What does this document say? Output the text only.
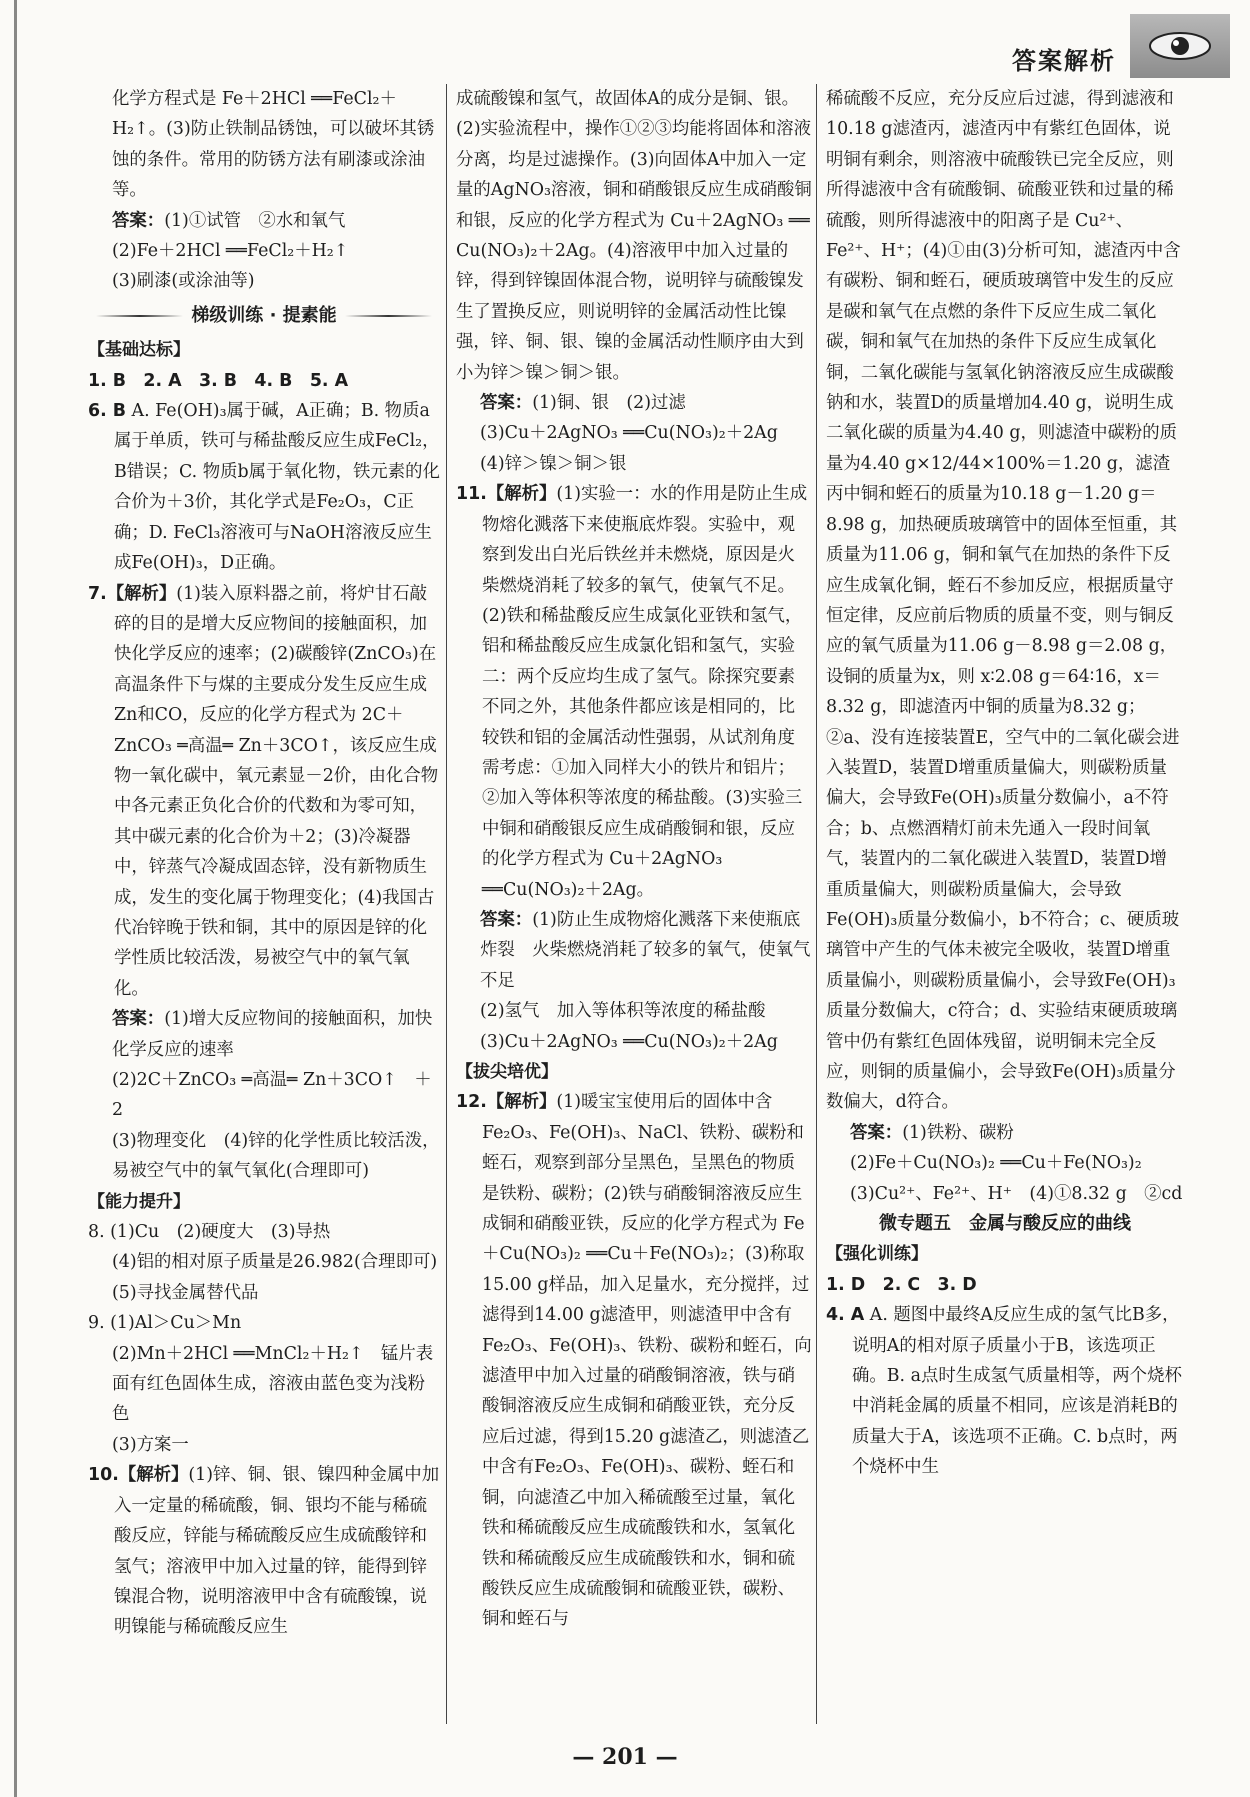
答案解析

化学方程式是 Fe＋2HCl ══FeCl₂＋H₂↑。(3)防止铁制品锈蚀，可以破坏其锈蚀的条件。常用的防锈方法有刷漆或涂油等。

答案：(1)①试管　②水和氧气

(2)Fe＋2HCl ══FeCl₂＋H₂↑

(3)刷漆(或涂油等)

梯级训练 · 提素能

【基础达标】

1. B　2. A　3. B　4. B　5. A

6. B A. Fe(OH)₃属于碱，A正确；B. 物质a属于单质，铁可与稀盐酸反应生成FeCl₂，B错误；C. 物质b属于氧化物，铁元素的化合价为＋3价，其化学式是Fe₂O₃，C正确；D. FeCl₃溶液可与NaOH溶液反应生成Fe(OH)₃，D正确。

7.【解析】(1)装入原料器之前，将炉甘石敲碎的目的是增大反应物间的接触面积，加快化学反应的速率；(2)碳酸锌(ZnCO₃)在高温条件下与煤的主要成分发生反应生成Zn和CO，反应的化学方程式为 2C＋ZnCO₃ ═高温═ Zn＋3CO↑，该反应生成物一氧化碳中，氧元素显－2价，由化合物中各元素正负化合价的代数和为零可知，其中碳元素的化合价为＋2；(3)冷凝器中，锌蒸气冷凝成固态锌，没有新物质生成，发生的变化属于物理变化；(4)我国古代冶锌晚于铁和铜，其中的原因是锌的化学性质比较活泼，易被空气中的氧气氧化。

答案：(1)增大反应物间的接触面积，加快化学反应的速率

(2)2C＋ZnCO₃ ═高温═ Zn＋3CO↑　＋2

(3)物理变化　(4)锌的化学性质比较活泼，易被空气中的氧气氧化(合理即可)

【能力提升】

8. (1)Cu　(2)硬度大　(3)导热

(4)铝的相对原子质量是26.982(合理即可)

(5)寻找金属替代品

9. (1)Al＞Cu＞Mn

(2)Mn＋2HCl ══MnCl₂＋H₂↑　锰片表面有红色固体生成，溶液由蓝色变为浅粉色

(3)方案一

10.【解析】(1)锌、铜、银、镍四种金属中加入一定量的稀硫酸，铜、银均不能与稀硫酸反应，锌能与稀硫酸反应生成硫酸锌和氢气；溶液甲中加入过量的锌，能得到锌镍混合物，说明溶液甲中含有硫酸镍，说明镍能与稀硫酸反应生

成硫酸镍和氢气，故固体A的成分是铜、银。(2)实验流程中，操作①②③均能将固体和溶液分离，均是过滤操作。(3)向固体A中加入一定量的AgNO₃溶液，铜和硝酸银反应生成硝酸铜和银，反应的化学方程式为 Cu＋2AgNO₃ ══ Cu(NO₃)₂＋2Ag。(4)溶液甲中加入过量的锌，得到锌镍固体混合物，说明锌与硫酸镍发生了置换反应，则说明锌的金属活动性比镍强，锌、铜、银、镍的金属活动性顺序由大到小为锌＞镍＞铜＞银。

答案：(1)铜、银　(2)过滤

(3)Cu＋2AgNO₃ ══Cu(NO₃)₂＋2Ag

(4)锌＞镍＞铜＞银

11.【解析】(1)实验一：水的作用是防止生成物熔化溅落下来使瓶底炸裂。实验中，观察到发出白光后铁丝并未燃烧，原因是火柴燃烧消耗了较多的氧气，使氧气不足。(2)铁和稀盐酸反应生成氯化亚铁和氢气，铝和稀盐酸反应生成氯化铝和氢气，实验二：两个反应均生成了氢气。除探究要素不同之外，其他条件都应该是相同的，比较铁和铝的金属活动性强弱，从试剂角度需考虑：①加入同样大小的铁片和铝片；②加入等体积等浓度的稀盐酸。(3)实验三中铜和硝酸银反应生成硝酸铜和银，反应的化学方程式为 Cu＋2AgNO₃ ══Cu(NO₃)₂＋2Ag。

答案：(1)防止生成物熔化溅落下来使瓶底炸裂　火柴燃烧消耗了较多的氧气，使氧气不足

(2)氢气　加入等体积等浓度的稀盐酸

(3)Cu＋2AgNO₃ ══Cu(NO₃)₂＋2Ag

【拔尖培优】

12.【解析】(1)暖宝宝使用后的固体中含Fe₂O₃、Fe(OH)₃、NaCl、铁粉、碳粉和蛭石，观察到部分呈黑色，呈黑色的物质是铁粉、碳粉；(2)铁与硝酸铜溶液反应生成铜和硝酸亚铁，反应的化学方程式为 Fe＋Cu(NO₃)₂ ══Cu＋Fe(NO₃)₂；(3)称取15.00 g样品，加入足量水，充分搅拌，过滤得到14.00 g滤渣甲，则滤渣甲中含有Fe₂O₃、Fe(OH)₃、铁粉、碳粉和蛭石，向滤渣甲中加入过量的硝酸铜溶液，铁与硝酸铜溶液反应生成铜和硝酸亚铁，充分反应后过滤，得到15.20 g滤渣乙，则滤渣乙中含有Fe₂O₃、Fe(OH)₃、碳粉、蛭石和铜，向滤渣乙中加入稀硫酸至过量，氧化铁和稀硫酸反应生成硫酸铁和水，氢氧化铁和稀硫酸反应生成硫酸铁和水，铜和硫酸铁反应生成硫酸铜和硫酸亚铁，碳粉、铜和蛭石与

稀硫酸不反应，充分反应后过滤，得到滤液和10.18 g滤渣丙，滤渣丙中有紫红色固体，说明铜有剩余，则溶液中硫酸铁已完全反应，则所得滤液中含有硫酸铜、硫酸亚铁和过量的稀硫酸，则所得滤液中的阳离子是 Cu²⁺、Fe²⁺、H⁺；(4)①由(3)分析可知，滤渣丙中含有碳粉、铜和蛭石，硬质玻璃管中发生的反应是碳和氧气在点燃的条件下反应生成二氧化碳，铜和氧气在加热的条件下反应生成氧化铜，二氧化碳能与氢氧化钠溶液反应生成碳酸钠和水，装置D的质量增加4.40 g，说明生成二氧化碳的质量为4.40 g，则滤渣中碳粉的质量为4.40 g×12/44×100%＝1.20 g，滤渣丙中铜和蛭石的质量为10.18 g－1.20 g＝8.98 g，加热硬质玻璃管中的固体至恒重，其质量为11.06 g，铜和氧气在加热的条件下反应生成氧化铜，蛭石不参加反应，根据质量守恒定律，反应前后物质的质量不变，则与铜反应的氧气质量为11.06 g－8.98 g＝2.08 g，设铜的质量为x，则 x∶2.08 g＝64∶16，x＝8.32 g，即滤渣丙中铜的质量为8.32 g；②a、没有连接装置E，空气中的二氧化碳会进入装置D，装置D增重质量偏大，则碳粉质量偏大，会导致Fe(OH)₃质量分数偏小，a不符合；b、点燃酒精灯前未先通入一段时间氧气，装置内的二氧化碳进入装置D，装置D增重质量偏大，则碳粉质量偏大，会导致Fe(OH)₃质量分数偏小，b不符合；c、硬质玻璃管中产生的气体未被完全吸收，装置D增重质量偏小，则碳粉质量偏小，会导致Fe(OH)₃质量分数偏大，c符合；d、实验结束硬质玻璃管中仍有紫红色固体残留，说明铜未完全反应，则铜的质量偏小，会导致Fe(OH)₃质量分数偏大，d符合。

答案：(1)铁粉、碳粉

(2)Fe＋Cu(NO₃)₂ ══Cu＋Fe(NO₃)₂

(3)Cu²⁺、Fe²⁺、H⁺　(4)①8.32 g　②cd

微专题五　金属与酸反应的曲线

【强化训练】

1. D　2. C　3. D

4. A A. 题图中最终A反应生成的氢气比B多，说明A的相对原子质量小于B，该选项正确。B. a点时生成氢气质量相等，两个烧杯中消耗金属的质量不相同，应该是消耗B的质量大于A，该选项不正确。C. b点时，两个烧杯中生

— 201 —
